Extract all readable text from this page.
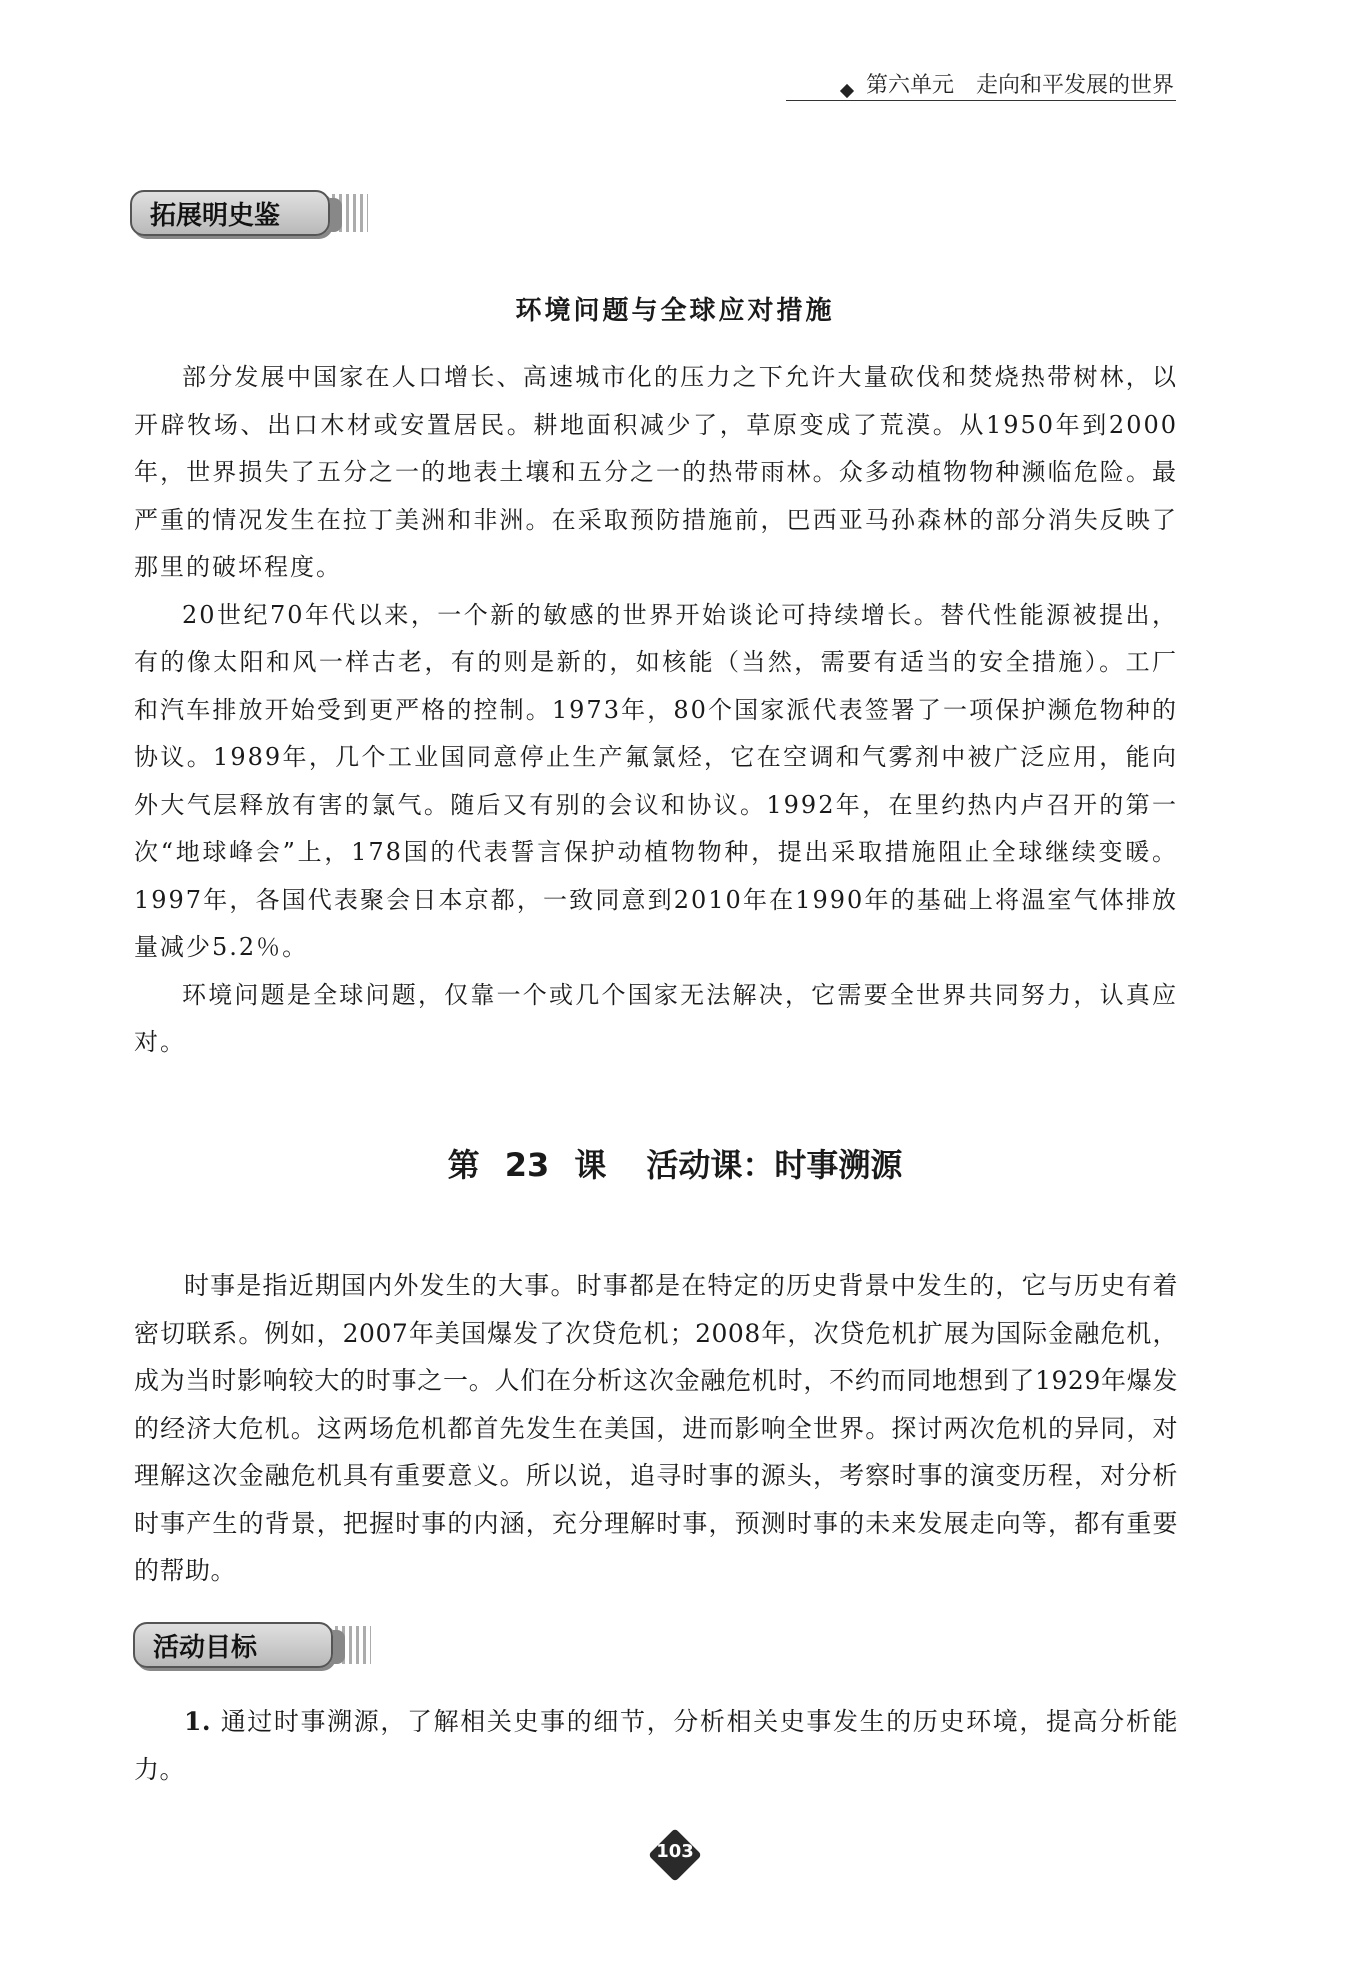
第六单元 走向和平发展的世界
拓展明史鉴
环境问题与全球应对措施

部分发展中国家在人口增长、高速城市化的压力之下允许大量砍伐和焚烧热带树林，以开辟牧场、出口木材或安置居民。耕地面积减少了，草原变成了荒漠。从1950年到2000年，世界损失了五分之一的地表土壤和五分之一的热带雨林。众多动植物物种濒临危险。最严重的情况发生在拉丁美洲和非洲。在采取预防措施前，巴西亚马孙森林的部分消失反映了那里的破坏程度。

20世纪70年代以来，一个新的敏感的世界开始谈论可持续增长。替代性能源被提出，有的像太阳和风一样古老，有的则是新的，如核能（当然，需要有适当的安全措施）。工厂和汽车排放开始受到更严格的控制。1973年，80个国家派代表签署了一项保护濒危物种的协议。1989年，几个工业国同意停止生产氟氯烃，它在空调和气雾剂中被广泛应用，能向外大气层释放有害的氯气。随后又有别的会议和协议。1992年，在里约热内卢召开的第一次“地球峰会”上，178国的代表誓言保护动植物物种，提出采取措施阻止全球继续变暖。1997年，各国代表聚会日本京都，一致同意到2010年在1990年的基础上将温室气体排放量减少5.2％。

环境问题是全球问题，仅靠一个或几个国家无法解决，它需要全世界共同努力，认真应对。

第 23 课 活动课：时事溯源

时事是指近期国内外发生的大事。时事都是在特定的历史背景中发生的，它与历史有着密切联系。例如，2007年美国爆发了次贷危机；2008年，次贷危机扩展为国际金融危机，成为当时影响较大的时事之一。人们在分析这次金融危机时，不约而同地想到了1929年爆发的经济大危机。这两场危机都首先发生在美国，进而影响全世界。探讨两次危机的异同，对理解这次金融危机具有重要意义。所以说，追寻时事的源头，考察时事的演变历程，对分析时事产生的背景，把握时事的内涵，充分理解时事，预测时事的未来发展走向等，都有重要的帮助。

活动目标
1. 通过时事溯源，了解相关史事的细节，分析相关史事发生的历史环境，提高分析能力。
103
